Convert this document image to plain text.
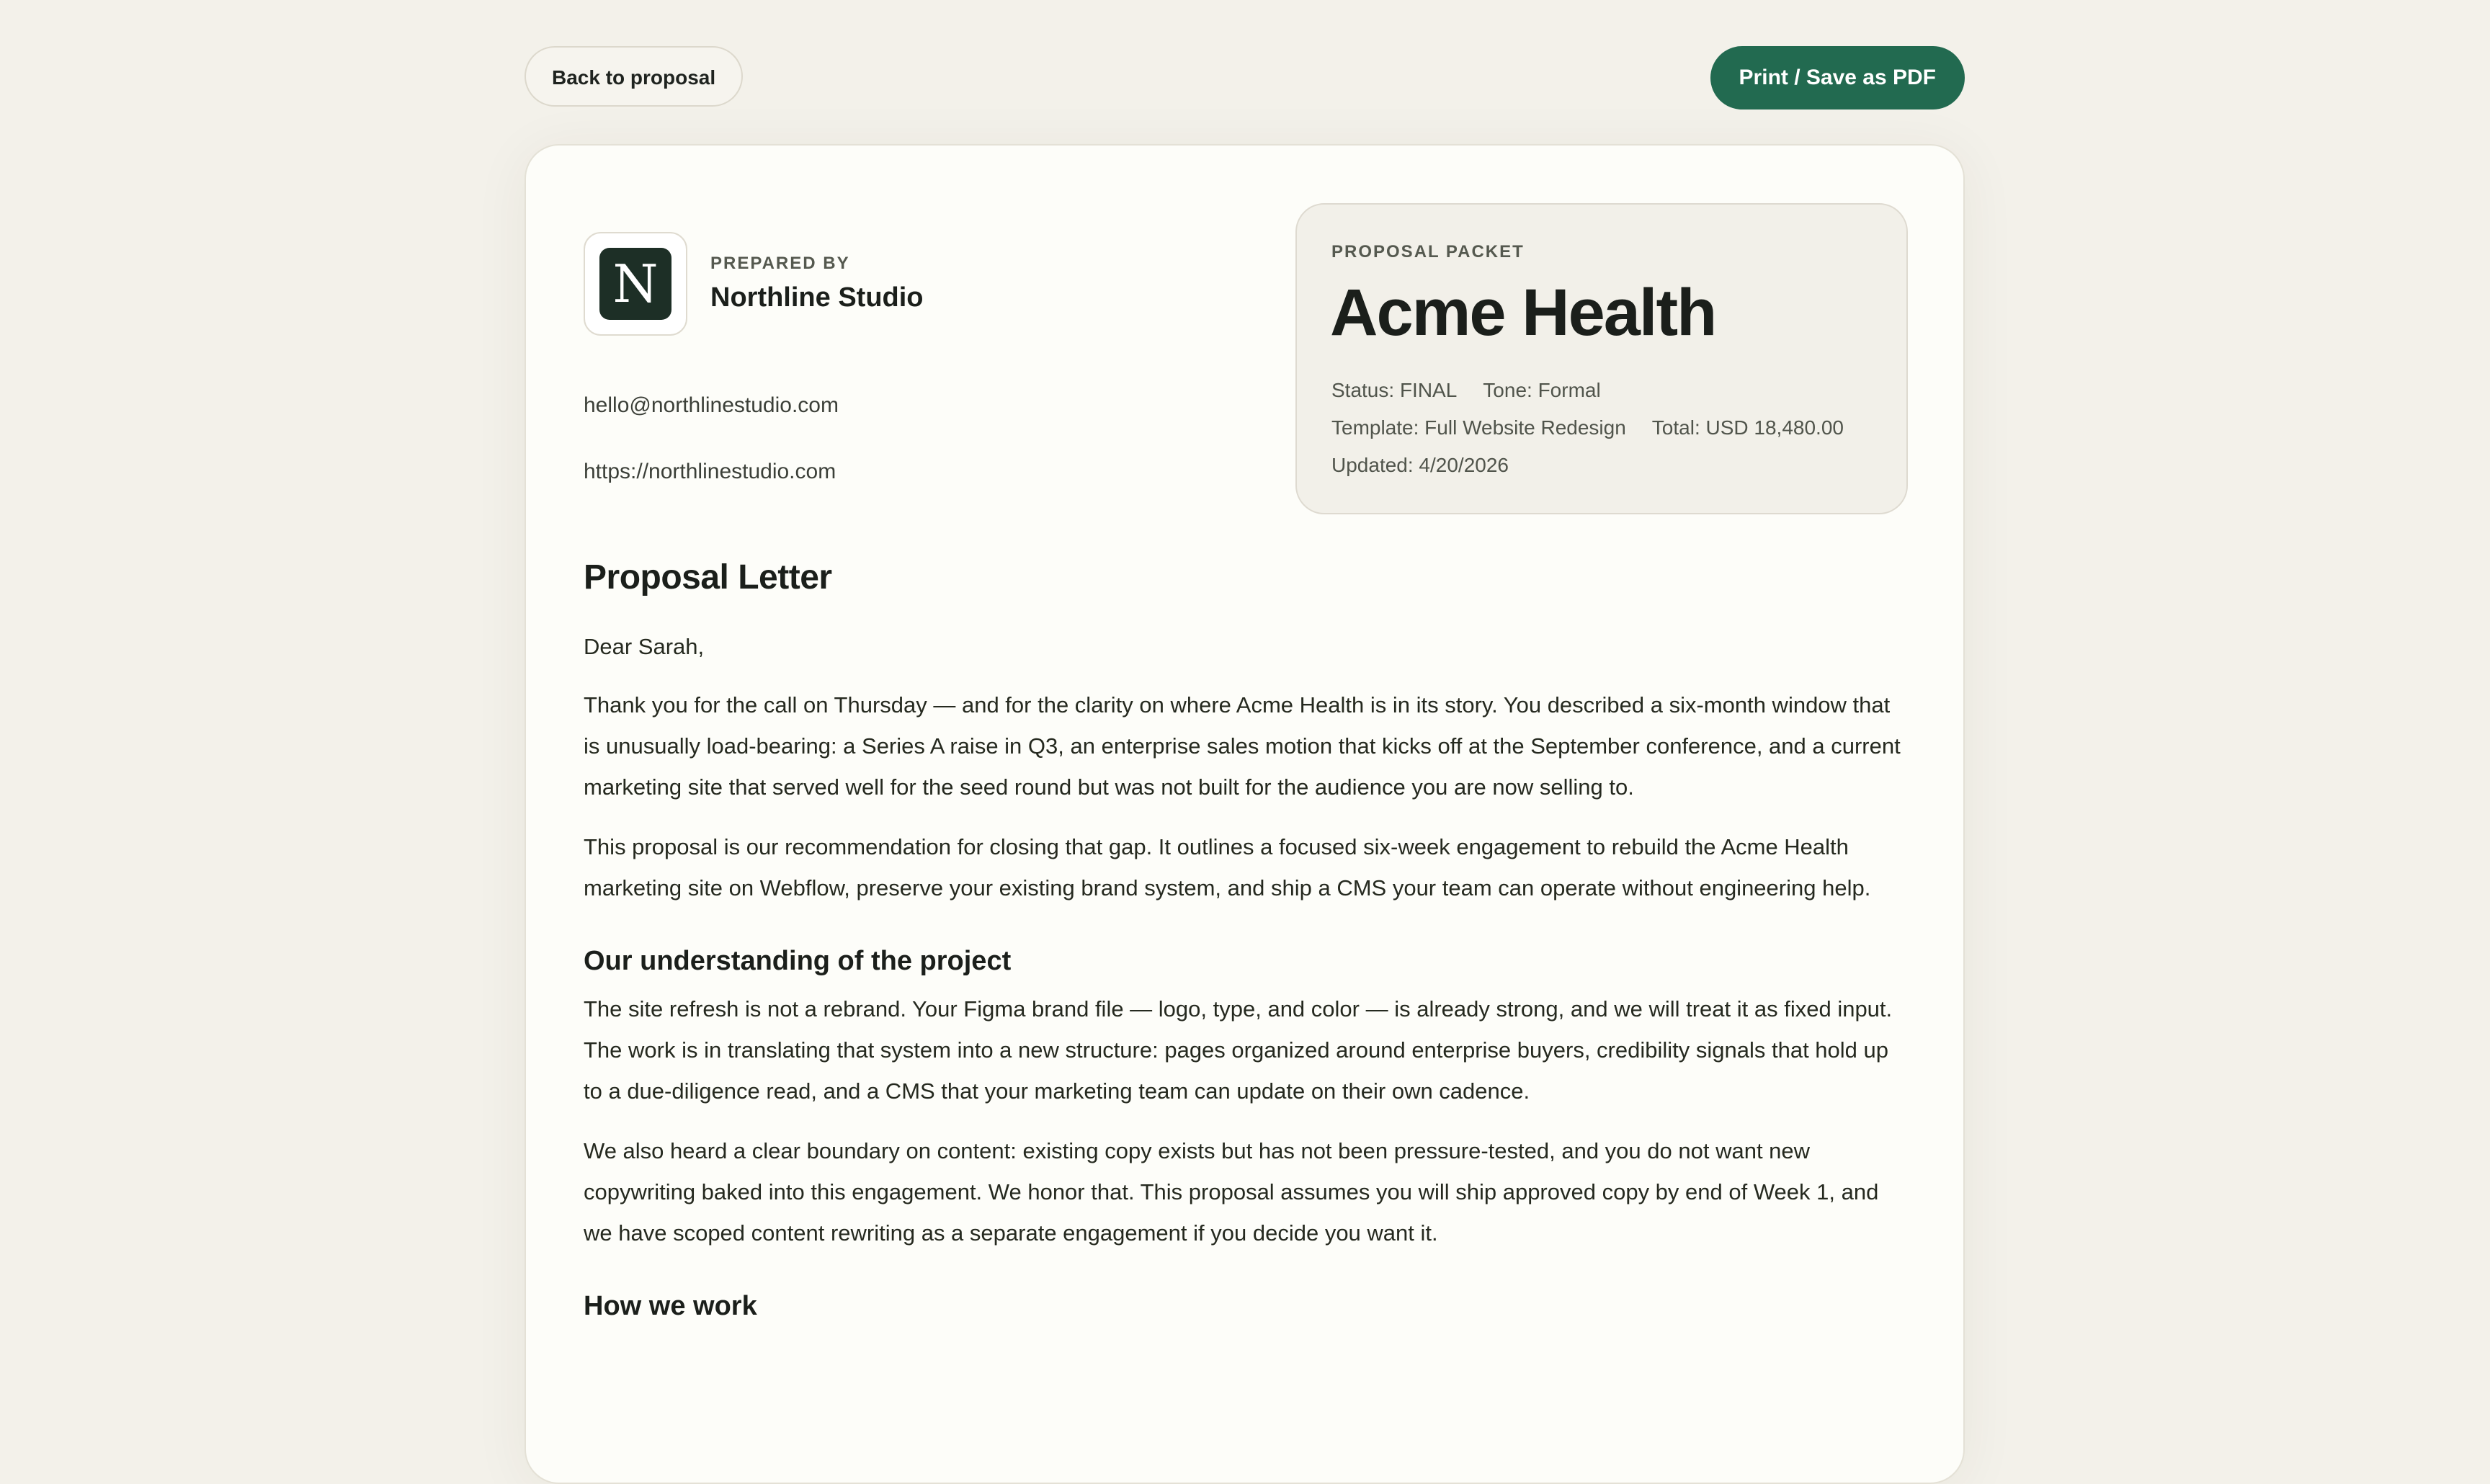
Back to proposal	Print / Save as PDF
N	PREPARED BY
Northline Studio
hello@northlinestudio.com
https://northlinestudio.com
PROPOSAL PACKET
Acme Health
Status: FINAL Tone: Formal
Template: Full Website Redesign Total: USD 18,480.00
Updated: 4/20/2026
Proposal Letter

Dear Sarah,

Thank you for the call on Thursday — and for the clarity on where Acme Health is in its story. You described a six-month window that is unusually load-bearing: a Series A raise in Q3, an enterprise sales motion that kicks off at the September conference, and a current marketing site that served well for the seed round but was not built for the audience you are now selling to.

This proposal is our recommendation for closing that gap. It outlines a focused six-week engagement to rebuild the Acme Health marketing site on Webflow, preserve your existing brand system, and ship a CMS your team can operate without engineering help.

Our understanding of the project

The site refresh is not a rebrand. Your Figma brand file — logo, type, and color — is already strong, and we will treat it as fixed input. The work is in translating that system into a new structure: pages organized around enterprise buyers, credibility signals that hold up to a due-diligence read, and a CMS that your marketing team can update on their own cadence.

We also heard a clear boundary on content: existing copy exists but has not been pressure-tested, and you do not want new copywriting baked into this engagement. We honor that. This proposal assumes you will ship approved copy by end of Week 1, and we have scoped content rewriting as a separate engagement if you decide you want it.

How we work
